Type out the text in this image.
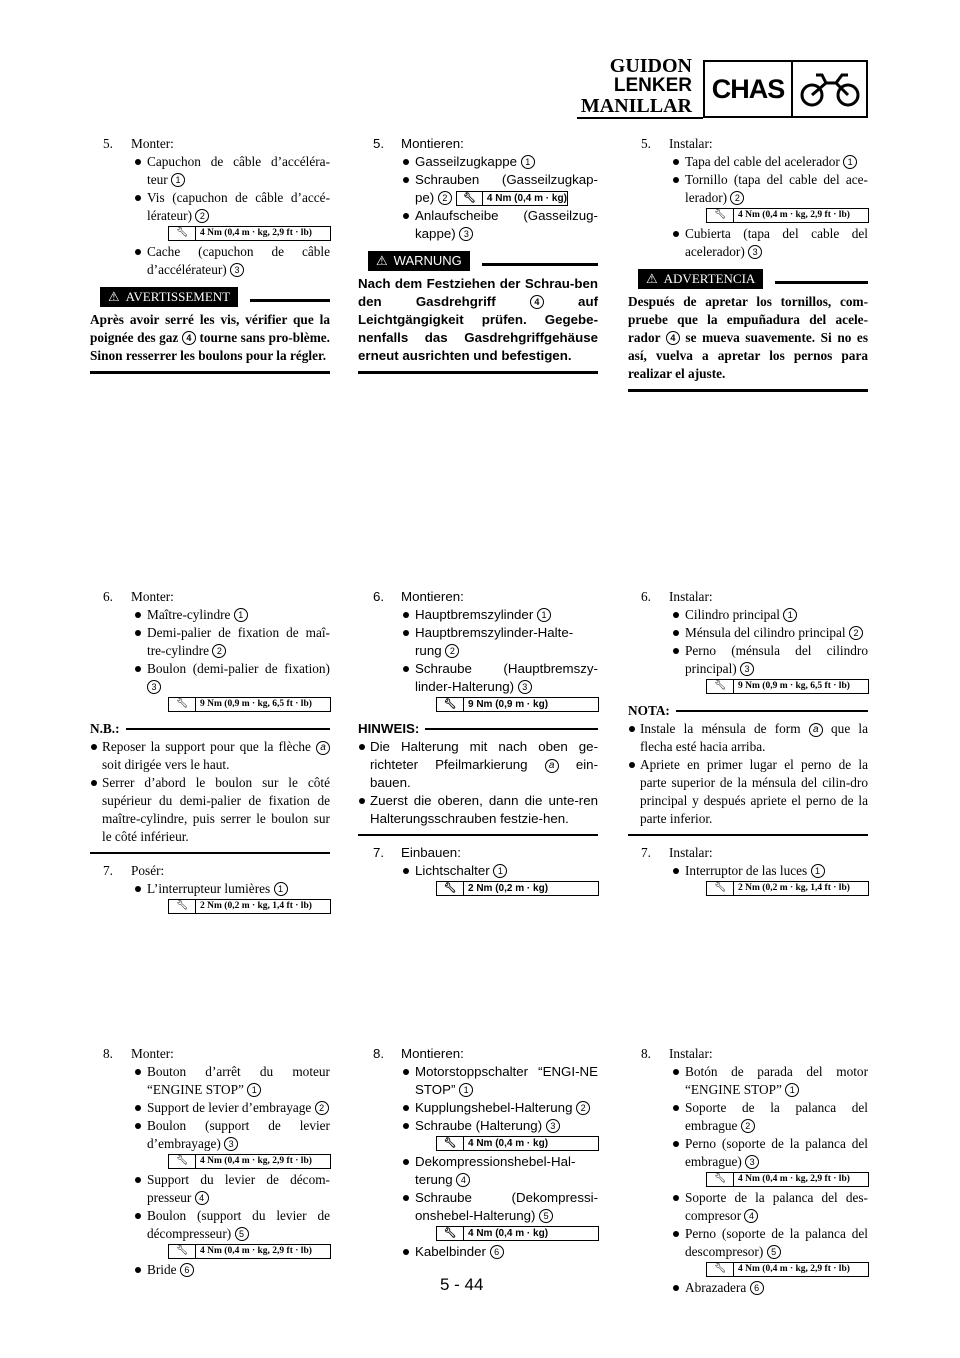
GUIDON
LENKER
MANILLAR
CHAS
5. Monter:
Capuchon de câble d’accéléra-teur 1
Vis (capuchon de câble d’accé-lérateur) 2
🔧︎	4 Nm (0,4 m · kg, 2,9 ft · lb)
Cache (capuchon de câble d’accélérateur) 3
⚠ AVERTISSEMENT
Après avoir serré les vis, vérifier que la poignée des gaz 4 tourne sans pro-blème. Sinon resserrer les boulons pour la régler.
6. Monter:
Maître-cylindre 1
Demi-palier de fixation de maî-tre-cylindre 2
Boulon (demi-palier de fixation) 3
🔧︎	9 Nm (0,9 m · kg, 6,5 ft · lb)
N.B.:
Reposer la support pour que la flèche a soit dirigée vers le haut.
Serrer d’abord le boulon sur le côté supérieur du demi-palier de fixation de maître-cylindre, puis serrer le boulon sur le côté inférieur.
7. Posér:
L’interrupteur lumières 1
🔧︎	2 Nm (0,2 m · kg, 1,4 ft · lb)
8. Monter:
Bouton d’arrêt du moteur “ENGINE STOP” 1
Support de levier d’embrayage 2
Boulon (support de levier d’embrayage) 3
🔧︎	4 Nm (0,4 m · kg, 2,9 ft · lb)
Support du levier de décom-presseur 4
Boulon (support du levier de décompresseur) 5
🔧︎	4 Nm (0,4 m · kg, 2,9 ft · lb)
Bride 6
5. Montieren:
Gasseilzugkappe 1
Schrauben (Gasseilzugkap-pe) 2	🔧︎	4 Nm (0,4 m · kg)
Anlaufscheibe (Gasseilzug-kappe) 3
⚠ WARNUNG
Nach dem Festziehen der Schrau-ben den Gasdrehgriff	4	auf Leichtgängigkeit prüfen. Gegebe-nenfalls das Gasdrehgriffgehäuse erneut ausrichten und befestigen.
6. Montieren:
Hauptbremszylinder 1
Hauptbremszylinder-Halte-rung 2
Schraube (Hauptbremszy-linder-Halterung) 3
🔧︎	9 Nm (0,9 m · kg)
HINWEIS:
Die Halterung mit nach oben ge-richteter Pfeilmarkierung a ein-bauen.
Zuerst die oberen, dann die unte-ren Halterungsschrauben festzie-hen.
7. Einbauen:
Lichtschalter 1
🔧︎	2 Nm (0,2 m · kg)
8. Montieren:
Motorstoppschalter “ENGI-NE STOP” 1
Kupplungshebel-Halterung 2
Schraube (Halterung) 3
🔧︎	4 Nm (0,4 m · kg)
Dekompressionshebel-Hal-terung 4
Schraube (Dekompressi-onshebel-Halterung) 5
🔧︎	4 Nm (0,4 m · kg)
Kabelbinder 6
5. Instalar:
Tapa del cable del acelerador 1
Tornillo (tapa del cable del ace-lerador) 2
🔧︎	4 Nm (0,4 m · kg, 2,9 ft · lb)
Cubierta (tapa del cable del acelerador) 3
⚠ ADVERTENCIA
Después de apretar los tornillos, com-pruebe que la empuñadura del acele-rador 4 se mueva suavemente. Si no es así, vuelva a apretar los pernos para realizar el ajuste.
6. Instalar:
Cilindro principal 1
Ménsula del cilindro principal 2
Perno (ménsula del cilindro principal) 3
🔧︎	9 Nm (0,9 m · kg, 6,5 ft · lb)
NOTA:
Instale la ménsula de form a que la flecha esté hacia arriba.
Apriete en primer lugar el perno de la parte superior de la ménsula del cilin-dro principal y después apriete el perno de la parte inferior.
7. Instalar:
Interruptor de las luces 1
🔧︎	2 Nm (0,2 m · kg, 1,4 ft · lb)
8. Instalar:
Botón de parada del motor “ENGINE STOP” 1
Soporte de la palanca del embrague 2
Perno (soporte de la palanca del embrague) 3
🔧︎	4 Nm (0,4 m · kg, 2,9 ft · lb)
Soporte de la palanca del des-compresor 4
Perno (soporte de la palanca del descompresor) 5
🔧︎	4 Nm (0,4 m · kg, 2,9 ft · lb)
Abrazadera 6
5 - 44
